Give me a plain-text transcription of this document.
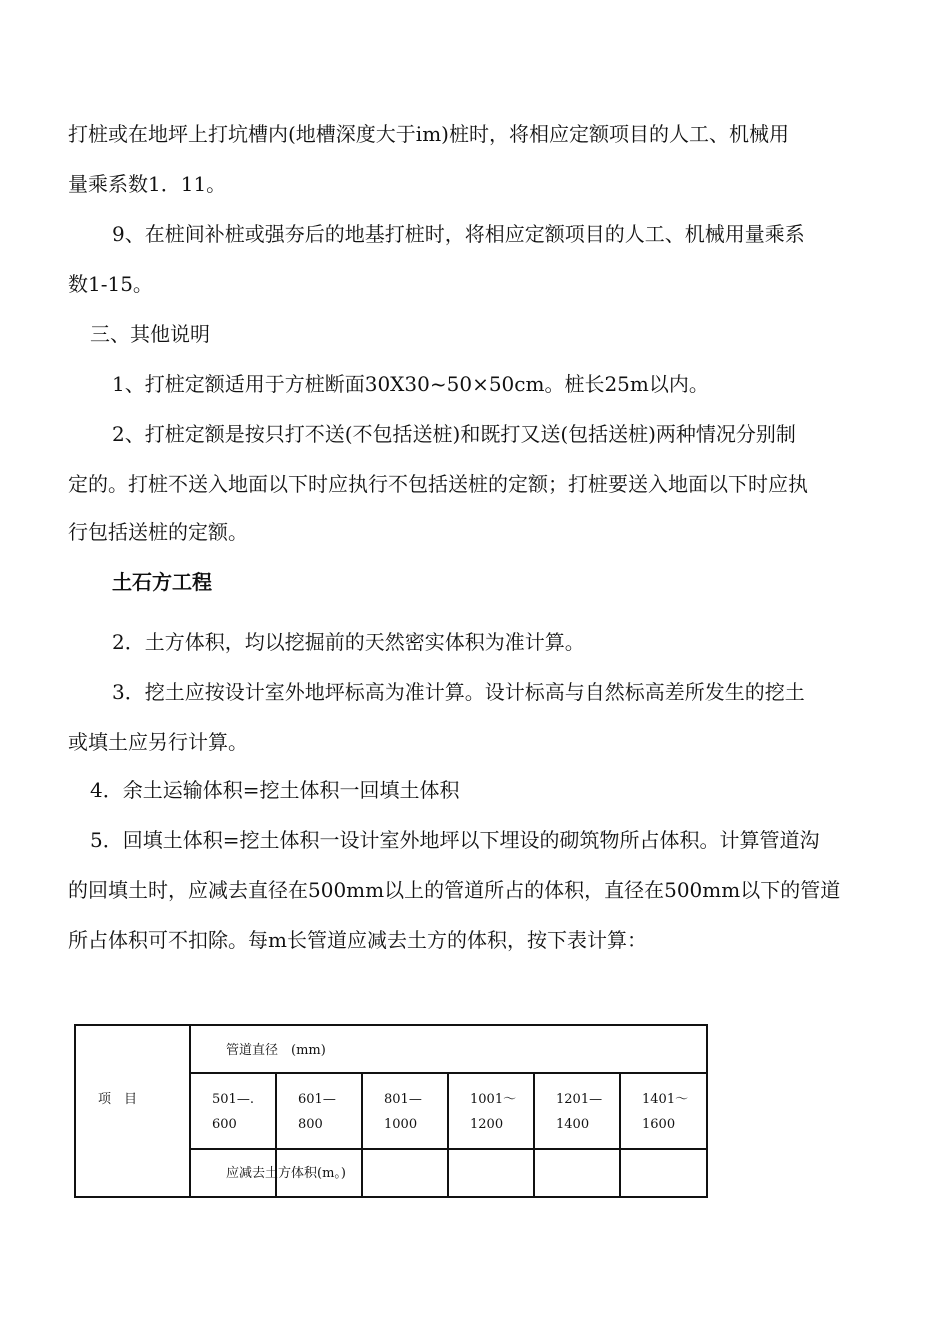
打桩或在地坪上打坑槽内(地槽深度大于im)桩时，将相应定额项目的人工、机械用
量乘系数1．11。
9、在桩间补桩或强夯后的地基打桩时，将相应定额项目的人工、机械用量乘系
数1-15。
三、其他说明
1、打桩定额适用于方桩断面30X30~50×50cm。桩长25m以内。
2、打桩定额是按只打不送(不包括送桩)和既打又送(包括送桩)两种情况分别制
定的。打桩不送入地面以下时应执行不包括送桩的定额；打桩要送入地面以下时应执
行包括送桩的定额。
土石方工程
2．土方体积，均以挖掘前的天然密实体积为准计算。
3．挖土应按设计室外地坪标高为准计算。设计标高与自然标高差所发生的挖土
或填土应另行计算。
4．余土运输体积=挖土体积一回填土体积
5．回填土体积=挖土体积一设计室外地坪以下埋设的砌筑物所占体积。计算管道沟
的回填土时，应减去直径在500mm以上的管道所占的体积，直径在500mm以下的管道
所占体积可不扣除。每m长管道应减去土方的体积，按下表计算：
项　目
管道直径　(mm)
501—.
600
601—
800
801—
1000
1001～
1200
1201—
1400
1401～
1600
应减去土方体积(m。)
